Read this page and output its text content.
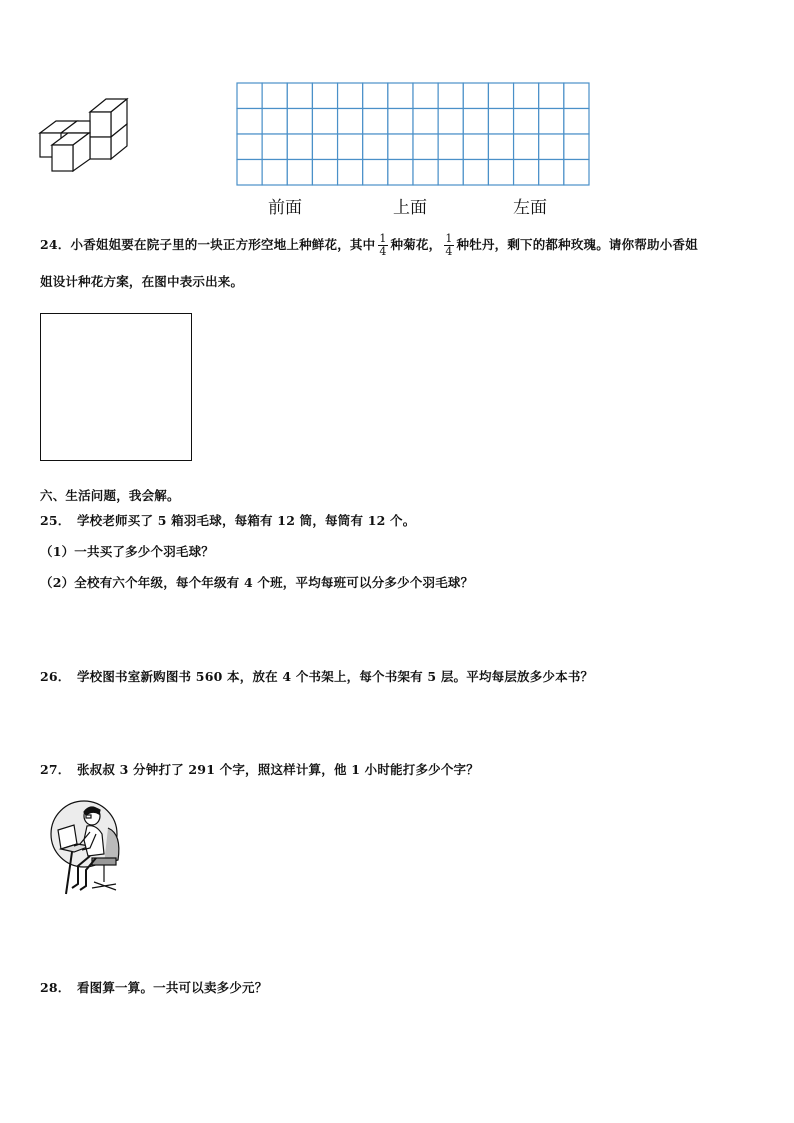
前面	上面	左面
24．小香姐姐要在院子里的一块正方形空地上种鲜花，其中 $\frac{1}{4}$ 种菊花， $\frac{1}{4}$ 种牡丹，剩下的都种玫瑰。请你帮助小香姐
姐设计种花方案，在图中表示出来。
六、生活问题，我会解。
25．　学校老师买了 5 箱羽毛球，每箱有 12 筒，每筒有 12 个。
（1）一共买了多少个羽毛球？
（2）全校有六个年级，每个年级有 4 个班，平均每班可以分多少个羽毛球？
26．　学校图书室新购图书 560 本，放在 4 个书架上，每个书架有 5 层。平均每层放多少本书？
27．　张叔叔 3 分钟打了 291 个字，照这样计算，他 1 小时能打多少个字？
28．　看图算一算。一共可以卖多少元？
